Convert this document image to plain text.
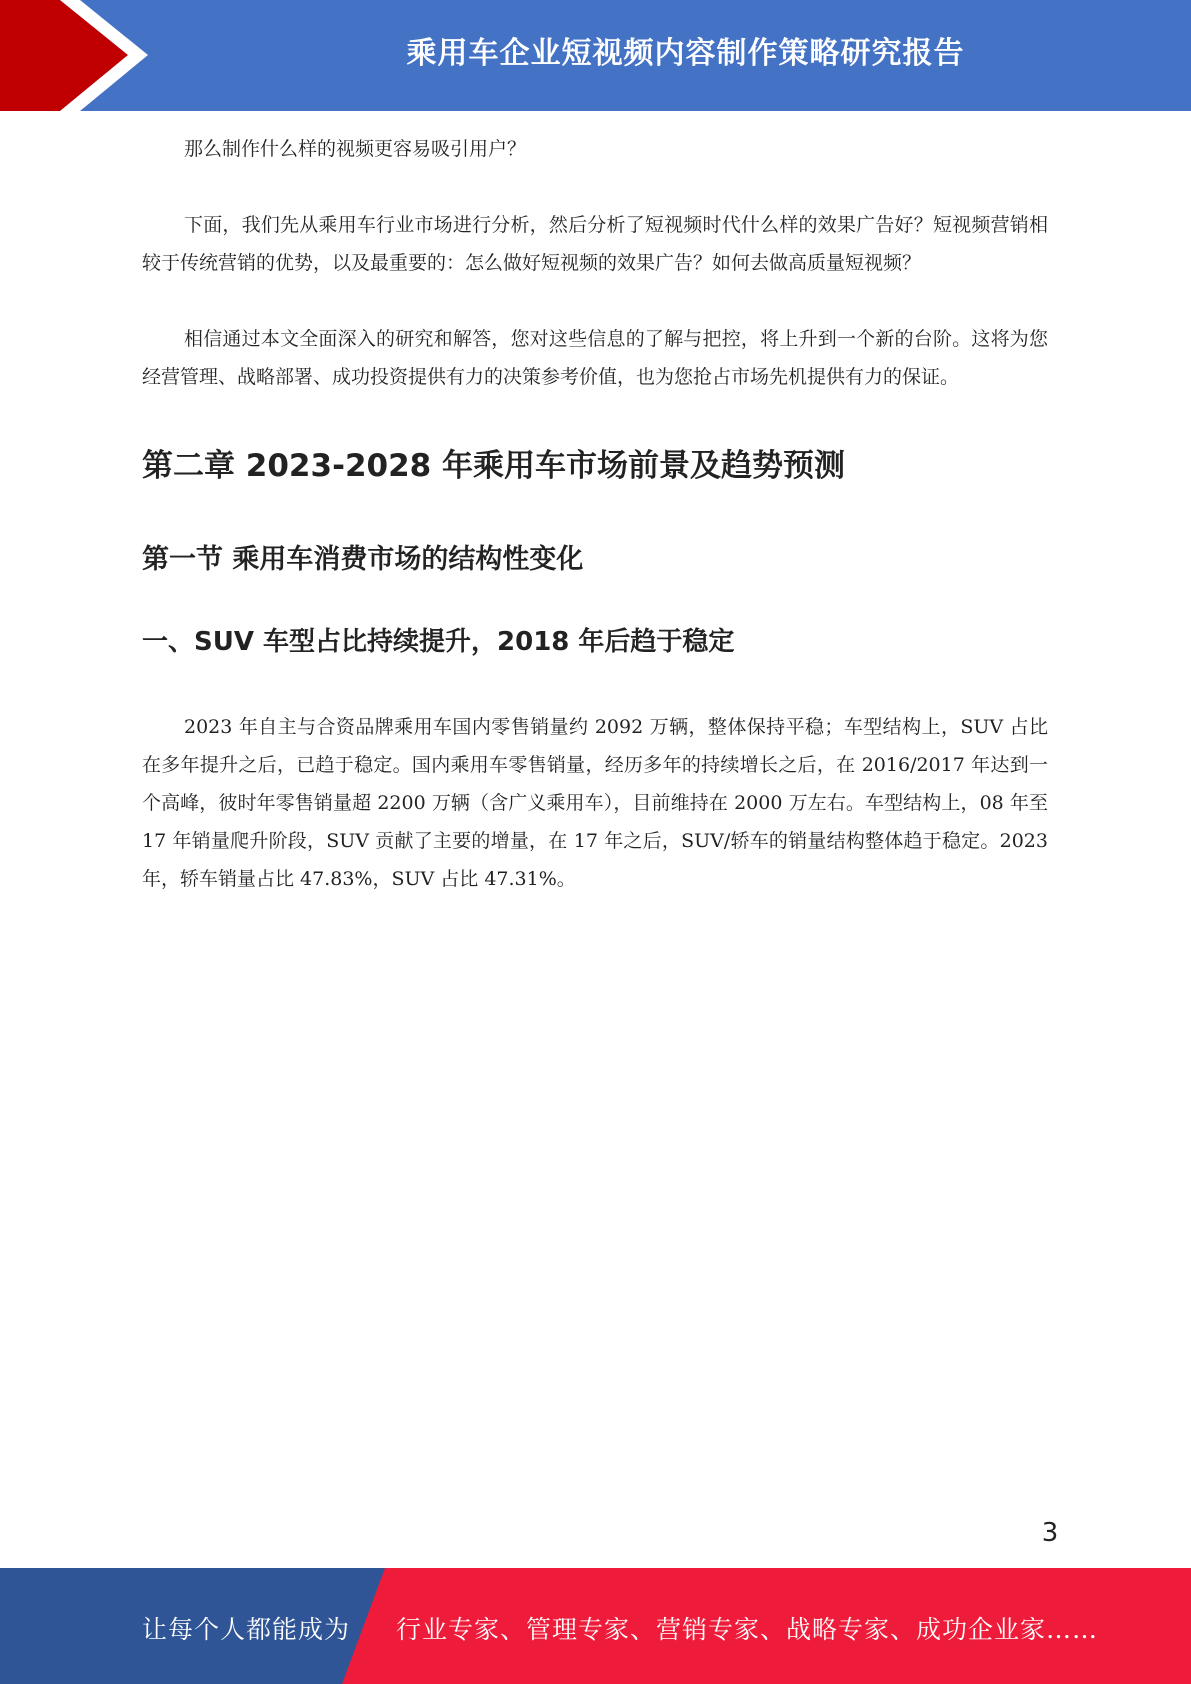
乘用车企业短视频内容制作策略研究报告

那么制作什么样的视频更容易吸引用户？

下面，我们先从乘用车行业市场进行分析，然后分析了短视频时代什么样的效果广告好？短视频营销相较于传统营销的优势，以及最重要的：怎么做好短视频的效果广告？如何去做高质量短视频？

相信通过本文全面深入的研究和解答，您对这些信息的了解与把控，将上升到一个新的台阶。这将为您经营管理、战略部署、成功投资提供有力的决策参考价值，也为您抢占市场先机提供有力的保证。

第二章 2023-2028 年乘用车市场前景及趋势预测
第一节 乘用车消费市场的结构性变化
一、SUV 车型占比持续提升，2018 年后趋于稳定

2023 年自主与合资品牌乘用车国内零售销量约 2092 万辆，整体保持平稳；车型结构上，SUV 占比在多年提升之后，已趋于稳定。国内乘用车零售销量，经历多年的持续增长之后，在 2016/2017 年达到一个高峰，彼时年零售销量超 2200 万辆（含广义乘用车），目前维持在 2000 万左右。车型结构上，08 年至 17 年销量爬升阶段，SUV 贡献了主要的增量，在 17 年之后，SUV/轿车的销量结构整体趋于稳定。2023 年，轿车销量占比 47.83%，SUV 占比 47.31%。

3
让每个人都能成为 行业专家、管理专家、营销专家、战略专家、成功企业家……
